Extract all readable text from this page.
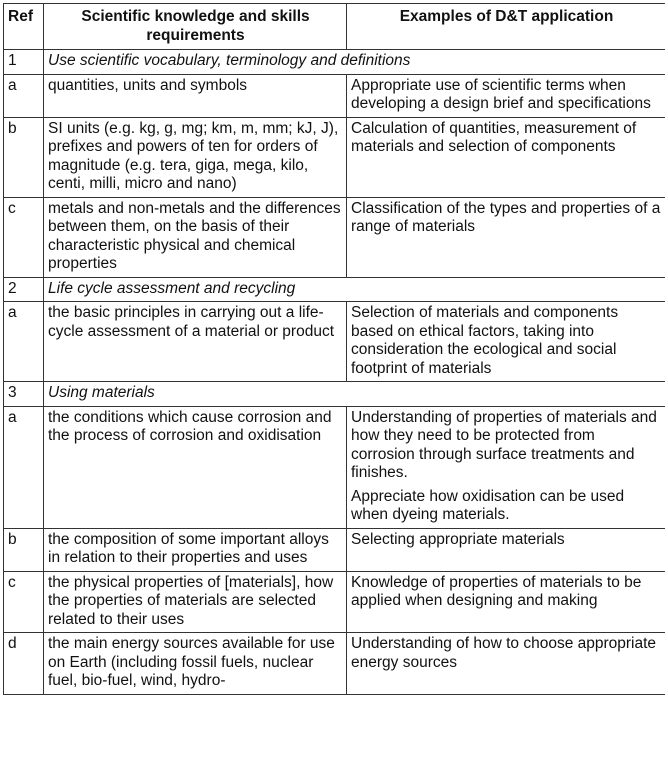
Ref	Scientific knowledge and skills requirements	Examples of D&T application
1	Use scientific vocabulary, terminology and definitions	
a	quantities, units and symbols	Appropriate use of scientific terms when developing a design brief and specifications

b	SI units (e.g. kg, g, mg; km, m, mm; kJ, J), prefixes and powers of ten for orders of magnitude (e.g. tera, giga, mega, kilo, centi, milli, micro and nano)	Calculation of quantities, measurement of materials and selection of components

c	metals and non-metals and the differences between them, on the basis of their characteristic physical and chemical properties	Classification of the types and properties of a range of materials

2	Life cycle assessment and recycling	
a	the basic principles in carrying out a life-cycle assessment of a material or product	Selection of materials and components based on ethical factors, taking into consideration the ecological and social footprint of materials

3	Using materials	
a	the conditions which cause corrosion and the process of corrosion and oxidisation	Understanding of properties of materials and how they need to be protected from corrosion through surface treatments and finishes.
Appreciate how oxidisation can be used when dyeing materials.

b	the composition of some important alloys in relation to their properties and uses	Selecting appropriate materials

c	the physical properties of [materials], how the properties of materials are selected related to their uses	Knowledge of properties of materials to be applied when designing and making

d	the main energy sources available for use on Earth (including fossil fuels, nuclear fuel, bio-fuel, wind, hydro-	Understanding of how to choose appropriate energy sources
